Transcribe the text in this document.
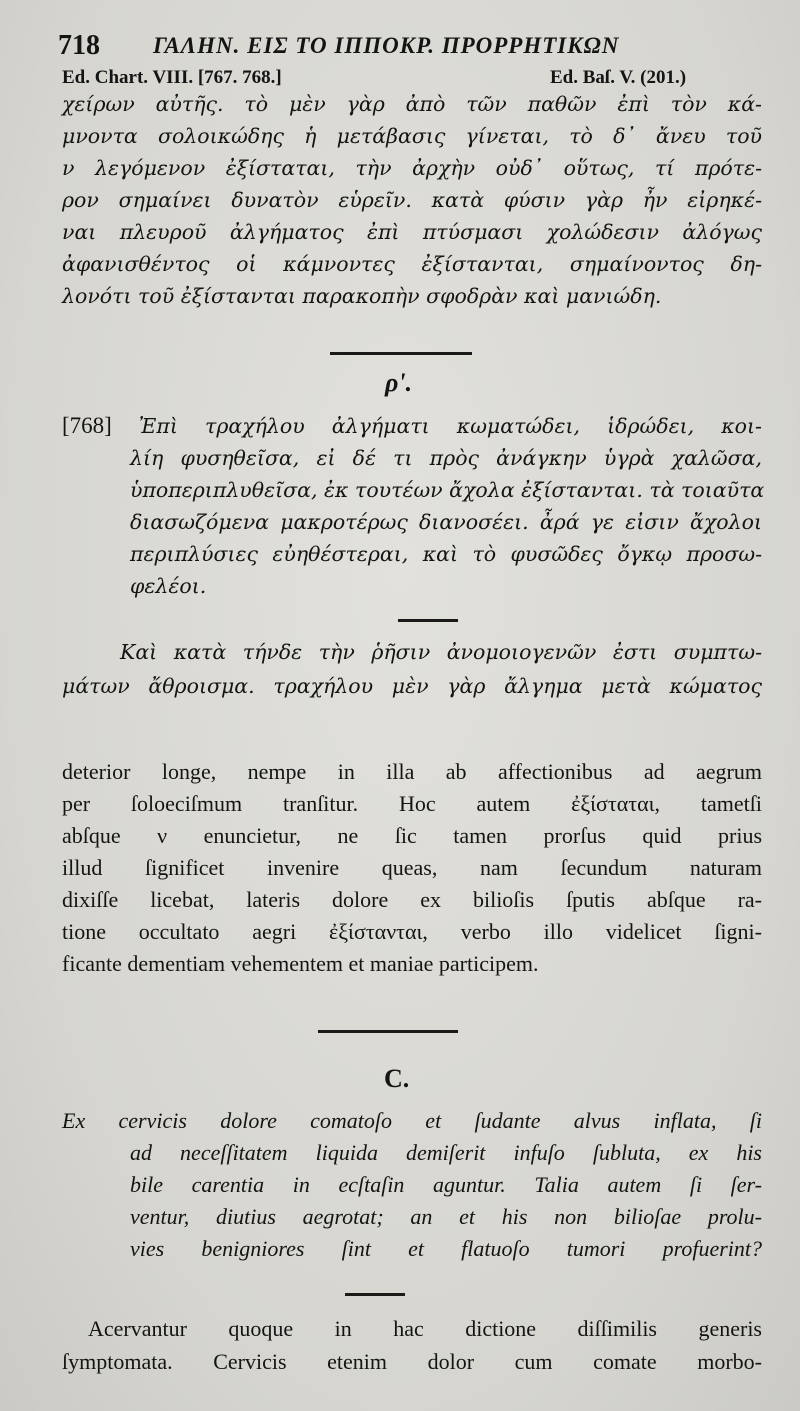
718 ΓΑΛΗΝ. ΕΙΣ ΤΟ ΙΠΠΟΚΡ. ΠΡΟΡΡΗΤΙΚΩΝ
Ed. Chart. VIII. [767. 768.]	Ed. Baſ. V. (201.)
χείρων αὐτῆς. τὸ μὲν γὰρ ἀπὸ τῶν παθῶν ἐπὶ τὸν κά-
μνοντα σολοικώδης ἡ μετάβασις γίνεται, τὸ δ᾽ ἄνευ τοῦ
ν λεγόμενον ἐξίσταται, τὴν ἀρχὴν οὐδ᾽ οὕτως, τί πρότε-
ρον σημαίνει δυνατὸν εὑρεῖν. κατὰ φύσιν γὰρ ἦν εἰρηκέ-
ναι πλευροῦ ἀλγήματος ἐπὶ πτύσμασι χολώδεσιν ἀλόγως
ἀφανισθέντος οἱ κάμνοντες ἐξίστανται, σημαίνοντος δη-
λονότι τοῦ ἐξίστανται παρακοπὴν σφοδρὰν καὶ μανιώδη.
ρ'.
[768] Ἐπὶ τραχήλου ἀλγήματι κωματώδει, ἱδρώδει, κοι-
λίη φυσηθεῖσα, εἰ δέ τι πρὸς ἀνάγκην ὑγρὰ χαλῶσα,
ὑποπεριπλυθεῖσα, ἐκ τουτέων ἄχολα ἐξίστανται. τὰ τοιαῦτα
διασωζόμενα μακροτέρως διανοσέει. ἆρά γε εἰσιν ἄχολοι
περιπλύσιες εὐηθέστεραι, καὶ τὸ φυσῶδες ὄγκῳ προσω-
φελέοι.
Καὶ κατὰ τήνδε τὴν ῥῆσιν ἀνομοιογενῶν ἐστι συμπτω-
μάτων ἄθροισμα. τραχήλου μὲν γὰρ ἄλγημα μετὰ κώματος
deterior longe, nempe in illa ab affectionibus ad aegrum
per ſoloeciſmum tranſitur. Hoc autem ἐξίσταται, tametſi
abſque ν enuncietur, ne ſic tamen prorſus quid prius
illud ſignificet invenire queas, nam ſecundum naturam
dixiſſe licebat, lateris dolore ex bilioſis ſputis abſque ra-
tione occultato aegri ἐξίστανται, verbo illo videlicet ſigni-
ficante dementiam vehementem et maniae participem.
C.
Ex cervicis dolore comatoſo et ſudante alvus inflata, ſi
ad neceſſitatem liquida demiſerit infuſo ſubluta, ex his
bile carentia in ecſtaſin aguntur. Talia autem ſi ſer-
ventur, diutius aegrotat; an et his non bilioſae prolu-
vies benigniores ſint et flatuoſo tumori profuerint?
Acervantur quoque in hac dictione diſſimilis generis
ſymptomata. Cervicis etenim dolor cum comate morbo-
